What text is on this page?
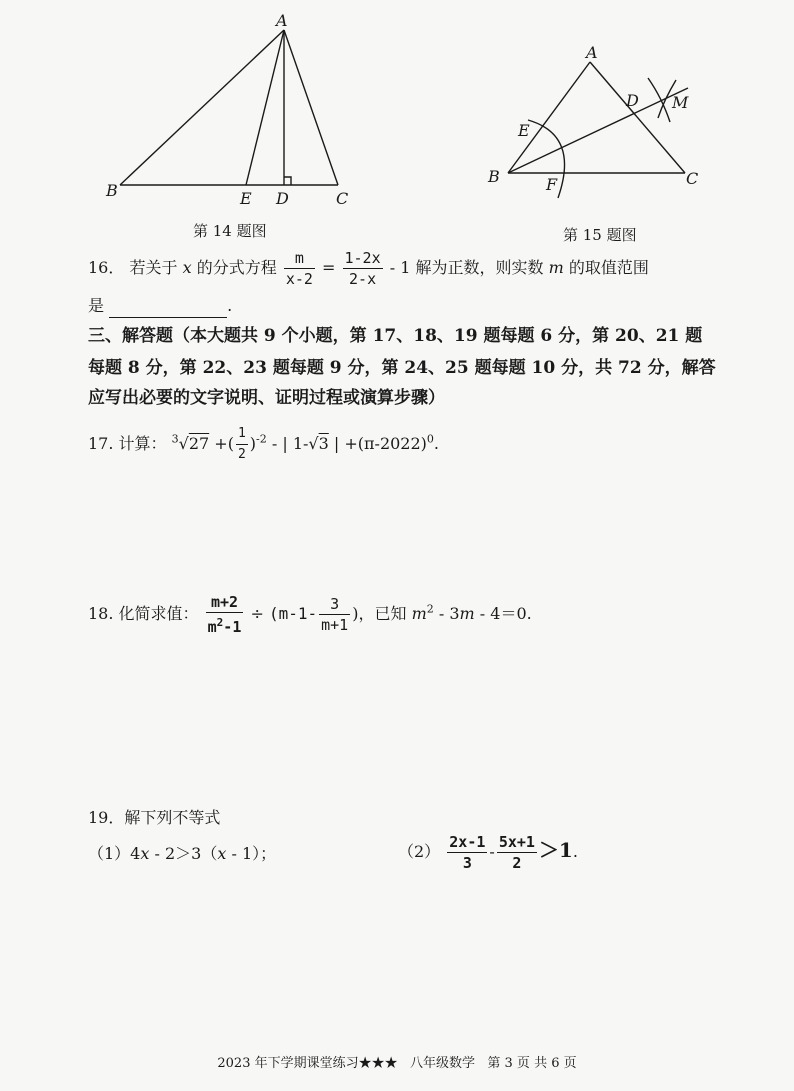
A
B	E D	C
第 14 题图
A
B	C
D
E
F
M
第 15 题图
16． 若关于 x 的分式方程 $\frac{m}{x-2} = \frac{1-2x}{2-x} - 1$ 解为正数，则实数 m 的取值范围
是	.
三、解答题（本大题共 9 个小题，第 17、18、19 题每题 6 分，第 20、21 题
每题 8 分，第 22、23 题每题 9 分，第 24、25 题每题 10 分，共 72 分，解答
应写出必要的文字说明、证明过程或演算步骤）
17. 计算： $^3$√27 +( $\frac{1}{2} )^{-2}$ - | 1-√3 | $+(\pi-2022)^0$.
18. 化简求值： $\frac{m+2}{m^2-1} \div (m-1- \frac{3}{m+1}$ )，已知 $m^2 - 3m - 4=0$.
19．解下列不等式
（1）4x - 2＞3（x - 1）；	$(2) \frac{2x-1}{3} - \frac{5x+1}{2} >1$.
2023 年下学期课堂练习★★★   八年级数学   第 3 页 共 6 页
